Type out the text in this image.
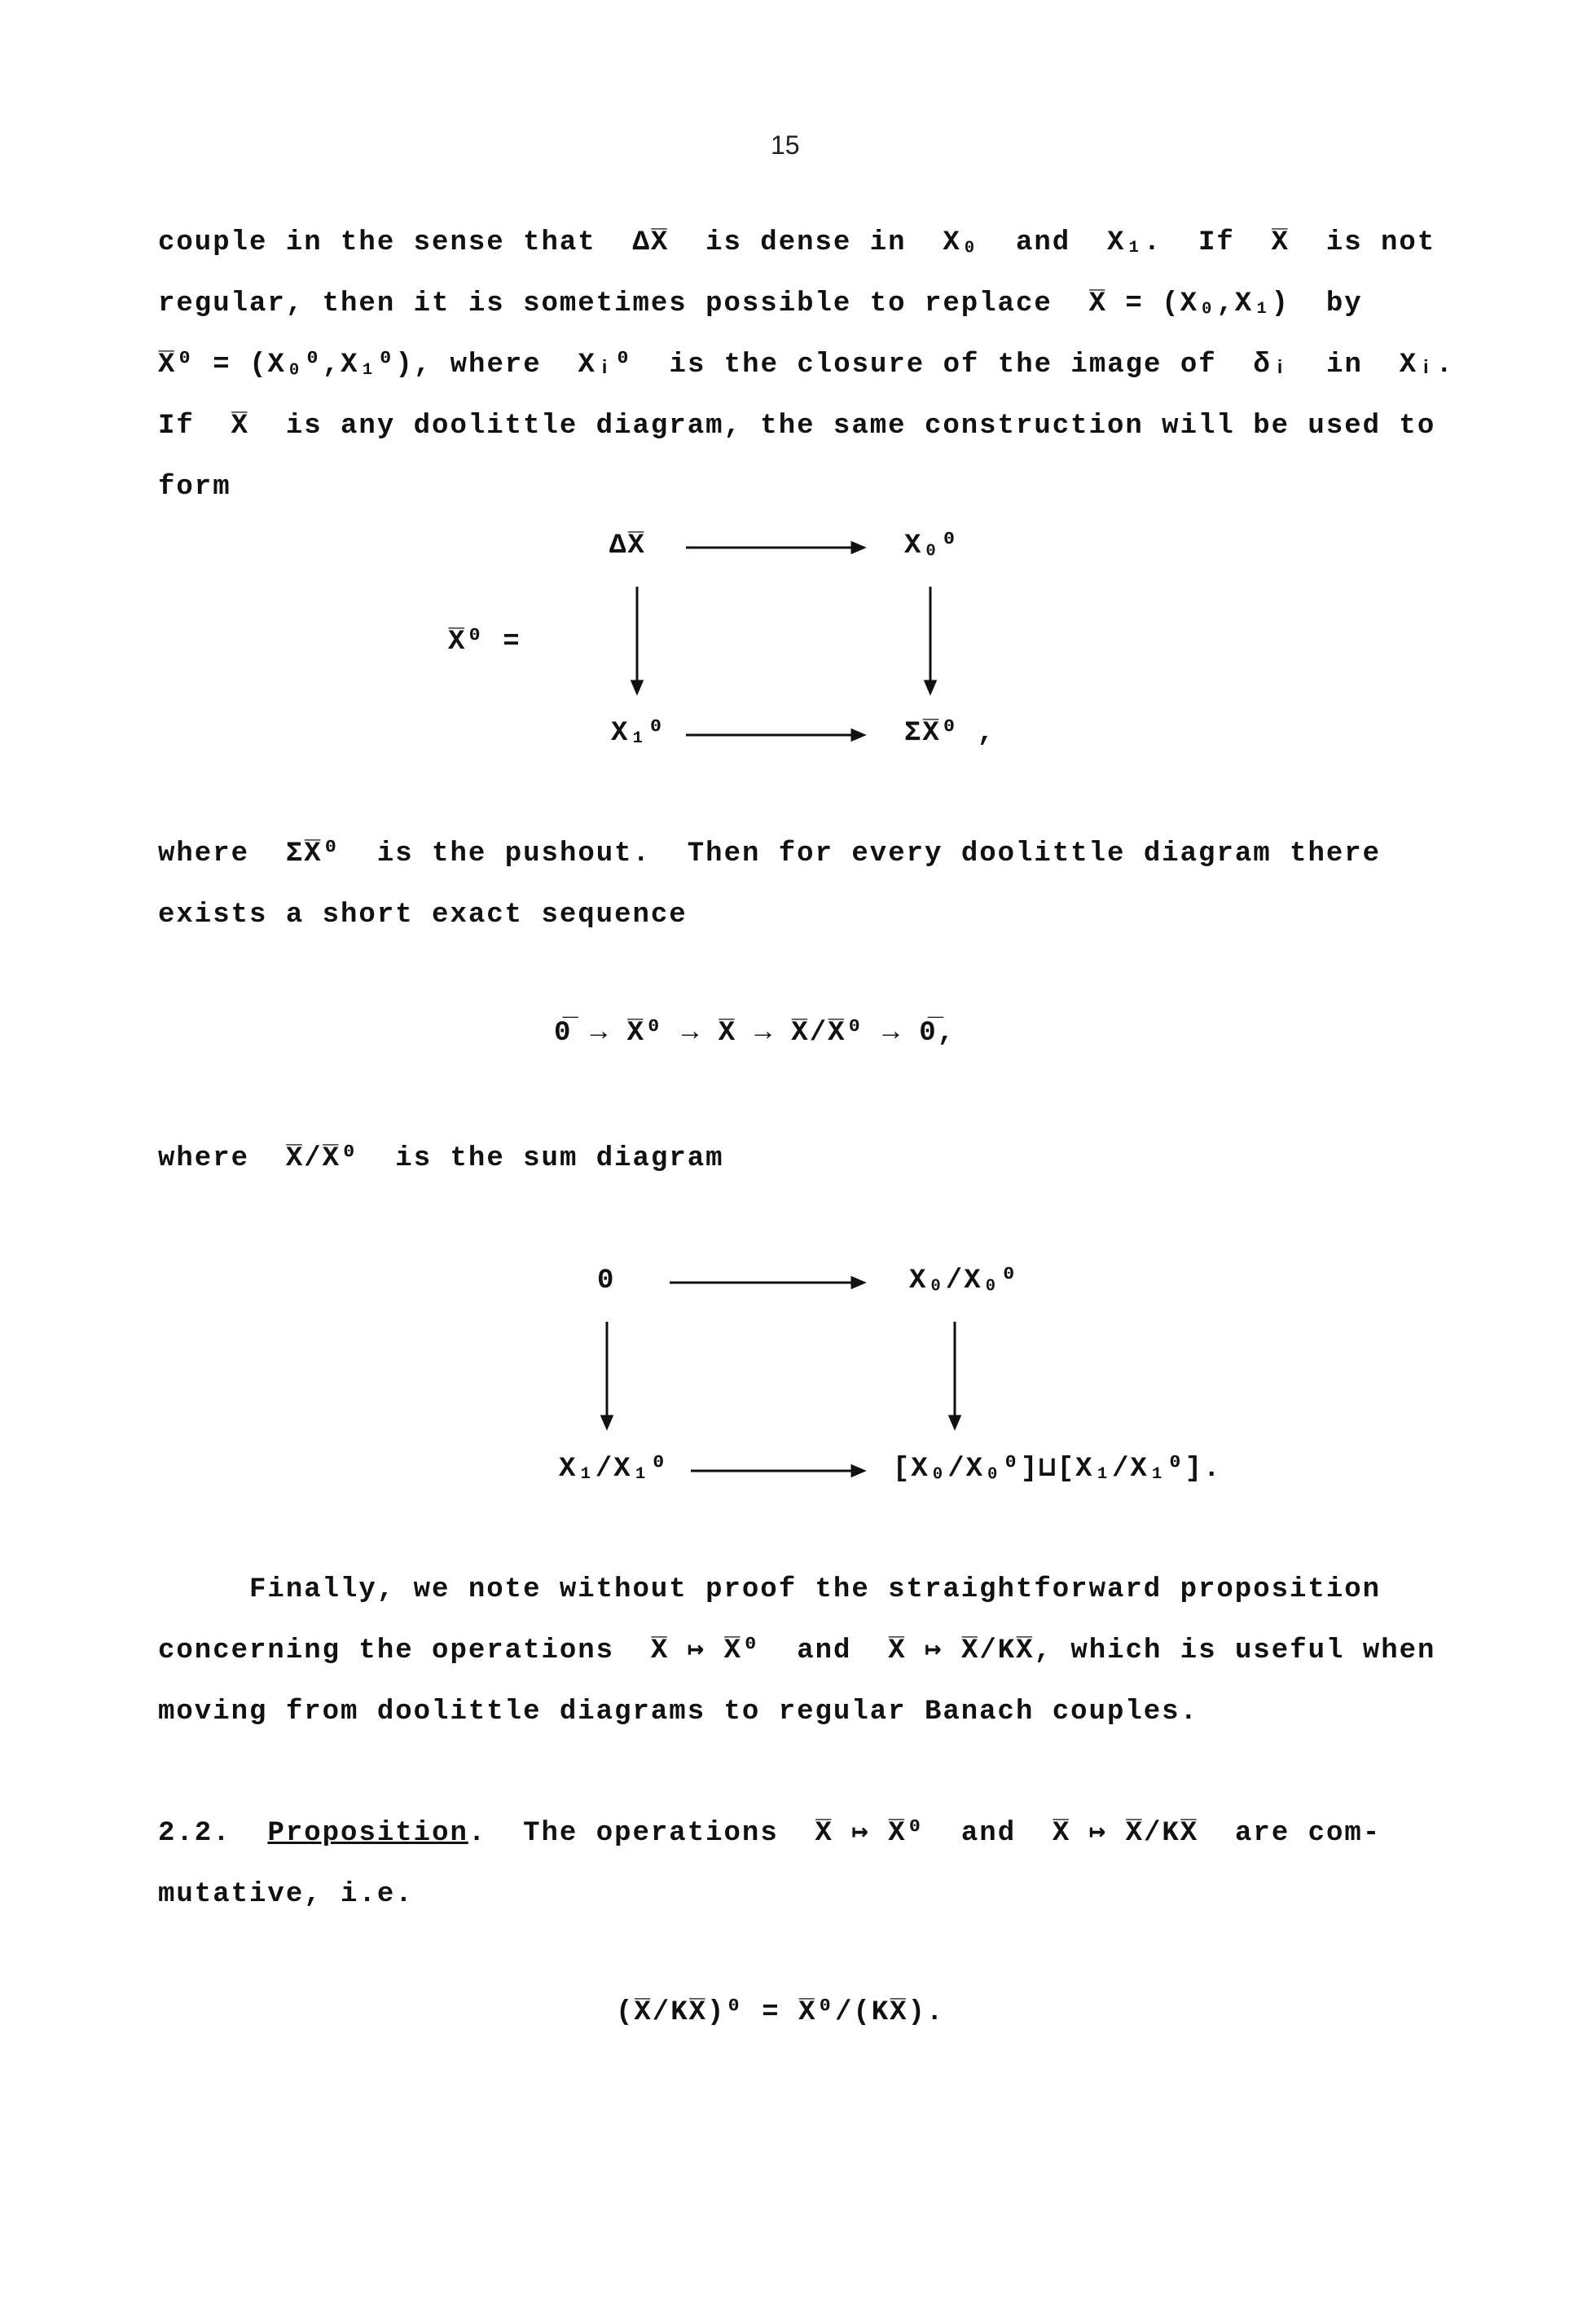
15
couple in the sense that  ΔX̅  is dense in  X₀  and  X₁.  If  X̅  is not
regular, then it is sometimes possible to replace  X̅ = (X₀,X₁)  by
X̅⁰ = (X₀⁰,X₁⁰), where  Xᵢ⁰  is the closure of the image of  δᵢ  in  Xᵢ.
If  X̅  is any doolittle diagram, the same construction will be used to
form
X̅⁰ =
ΔX̅	X₀⁰
X₁⁰	ΣX̅⁰ ,
where  ΣX̅⁰  is the pushout.  Then for every doolittle diagram there
exists a short exact sequence
0̅ → X̅⁰ → X̅ → X̅/X̅⁰ → 0̅,
where  X̅/X̅⁰  is the sum diagram
0	X₀/X₀⁰
X₁/X₁⁰	[X₀/X₀⁰]⊔[X₁/X₁⁰].
Finally, we note without proof the straightforward proposition
concerning the operations  X̅ ↦ X̅⁰  and  X̅ ↦ X̅/KX̅, which is useful when
moving from doolittle diagrams to regular Banach couples.
2.2. Proposition.  The operations  X̅ ↦ X̅⁰  and  X̅ ↦ X̅/KX̅  are com-
mutative, i.e.
(X̅/KX̅)⁰ = X̅⁰/(KX̅).
